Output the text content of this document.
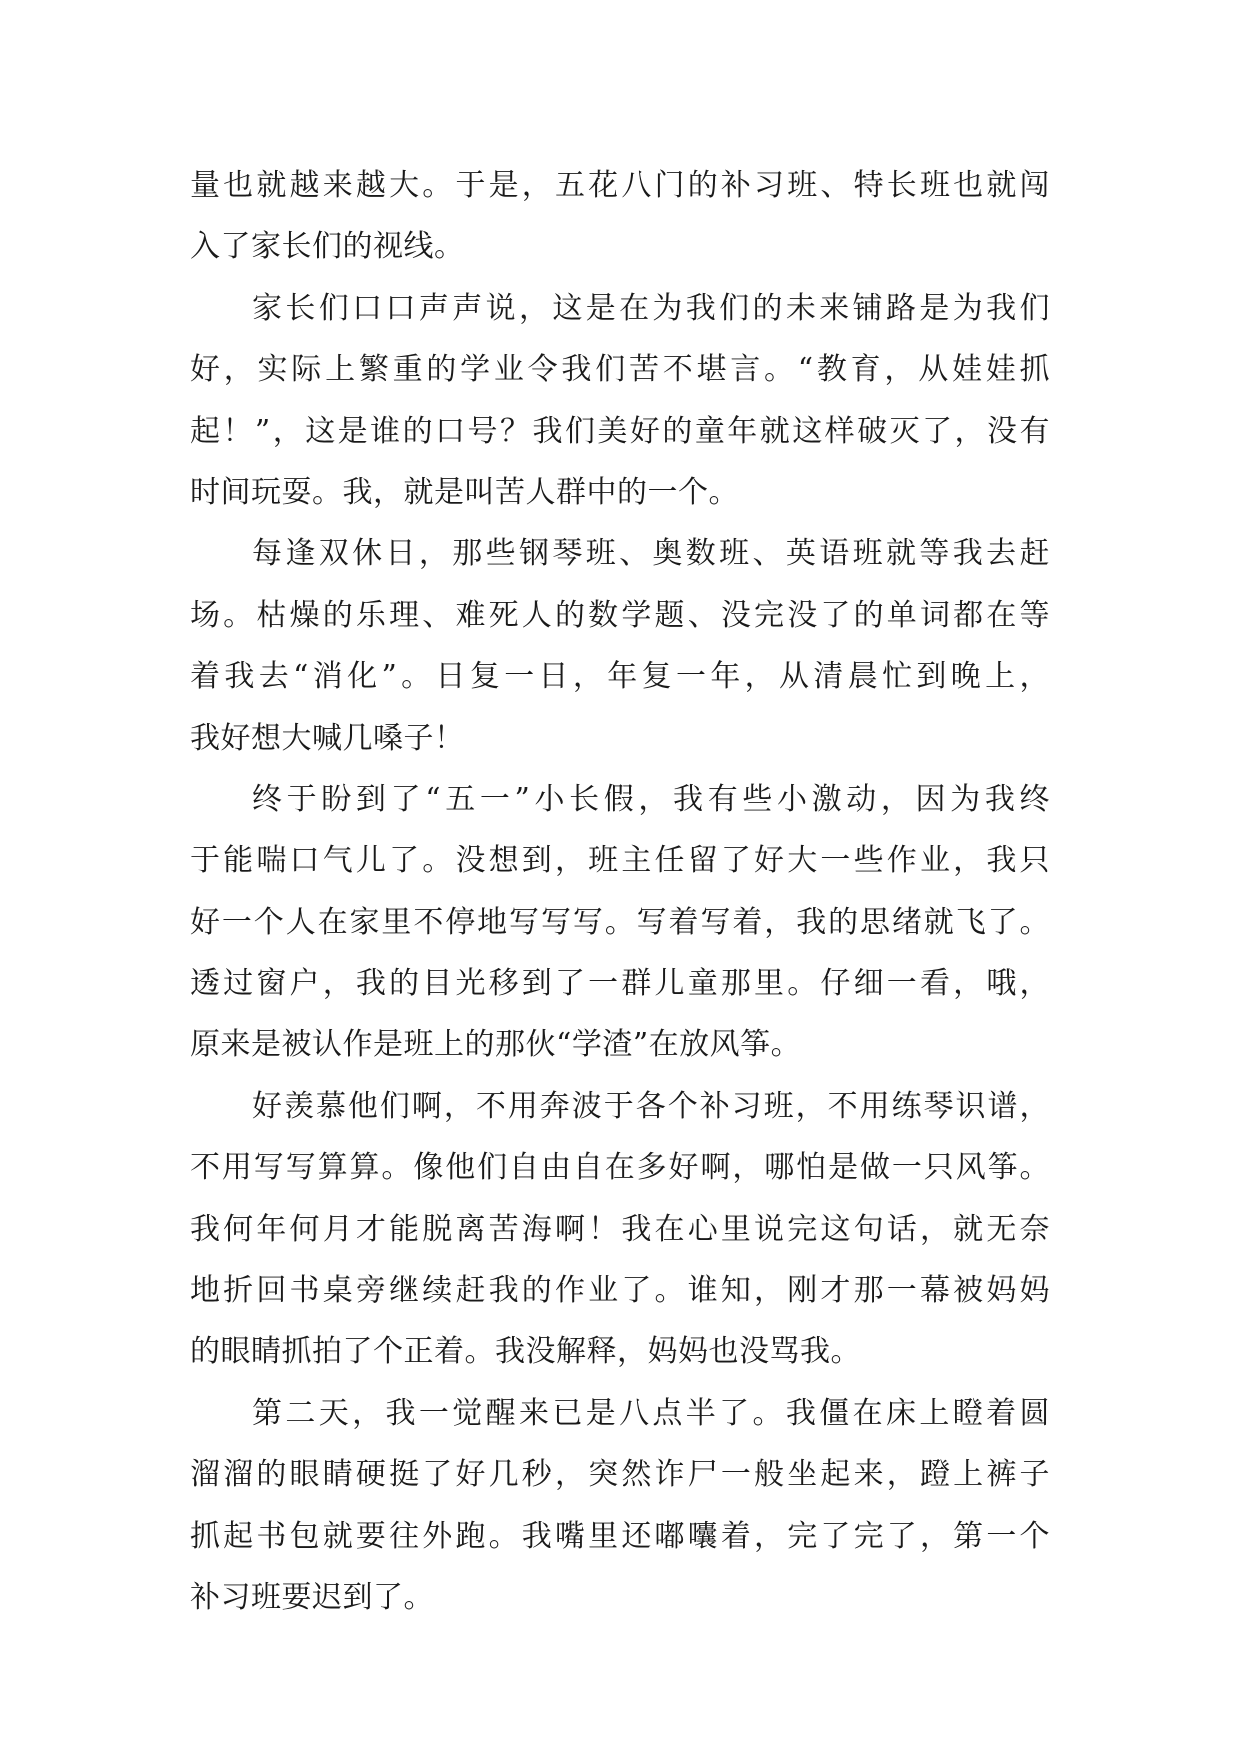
量也就越来越大。于是，五花八门的补习班、特长班也就闯
入了家长们的视线。
家长们口口声声说，这是在为我们的未来铺路是为我们
好，实际上繁重的学业令我们苦不堪言。“教育，从娃娃抓
起！”，这是谁的口号？我们美好的童年就这样破灭了，没有
时间玩耍。我，就是叫苦人群中的一个。
每逢双休日，那些钢琴班、奥数班、英语班就等我去赶
场。枯燥的乐理、难死人的数学题、没完没了的单词都在等
着我去“消化”。日复一日，年复一年，从清晨忙到晚上，
我好想大喊几嗓子！
终于盼到了“五一”小长假，我有些小激动，因为我终
于能喘口气儿了。没想到，班主任留了好大一些作业，我只
好一个人在家里不停地写写写。写着写着，我的思绪就飞了。
透过窗户，我的目光移到了一群儿童那里。仔细一看，哦，
原来是被认作是班上的那伙“学渣”在放风筝。
好羡慕他们啊，不用奔波于各个补习班，不用练琴识谱，
不用写写算算。像他们自由自在多好啊，哪怕是做一只风筝。
我何年何月才能脱离苦海啊！我在心里说完这句话，就无奈
地折回书桌旁继续赶我的作业了。谁知，刚才那一幕被妈妈
的眼睛抓拍了个正着。我没解释，妈妈也没骂我。
第二天，我一觉醒来已是八点半了。我僵在床上瞪着圆
溜溜的眼睛硬挺了好几秒，突然诈尸一般坐起来，蹬上裤子
抓起书包就要往外跑。我嘴里还嘟囔着，完了完了，第一个
补习班要迟到了。
